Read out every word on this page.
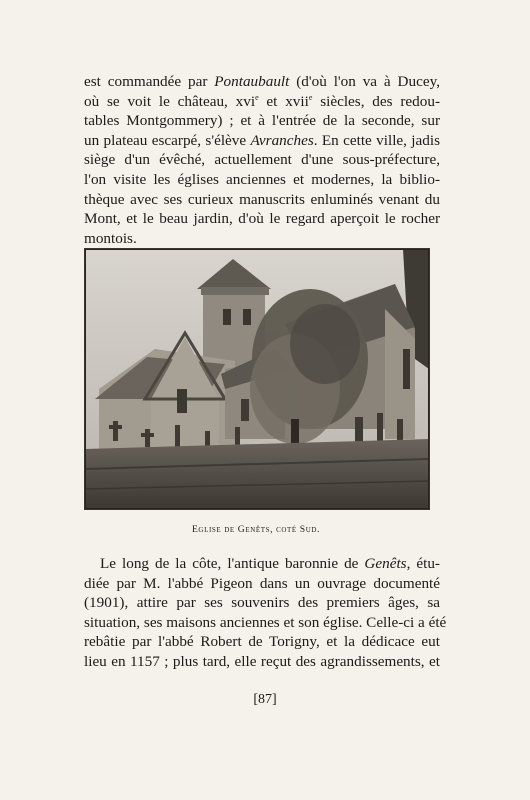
est commandée par Pontaubault (d'où l'on va à Ducey,
où se voit le château, xvi$^e$ et xvii$^e$ siècles, des redou-
tables Montgommery) ; et à l'entrée de la seconde, sur
un plateau escarpé, s'élève Avranches. En cette ville, jadis
siège d'un évêché, actuellement d'une sous-préfecture,
l'on visite les églises anciennes et modernes, la biblio-
thèque avec ses curieux manuscrits enluminés venant du
Mont, et le beau jardin, d'où le regard aperçoit le rocher
montois.
Eglise de Genêts, coté Sud.
Le long de la côte, l'antique baronnie de Genêts, étu-
diée par M. l'abbé Pigeon dans un ouvrage documenté
(1901), attire par ses souvenirs des premiers âges, sa
situation, ses maisons anciennes et son église. Celle-ci a été
rebâtie par l'abbé Robert de Torigny, et la dédicace eut
lieu en 1157 ; plus tard, elle reçut des agrandissements, et
[87]
